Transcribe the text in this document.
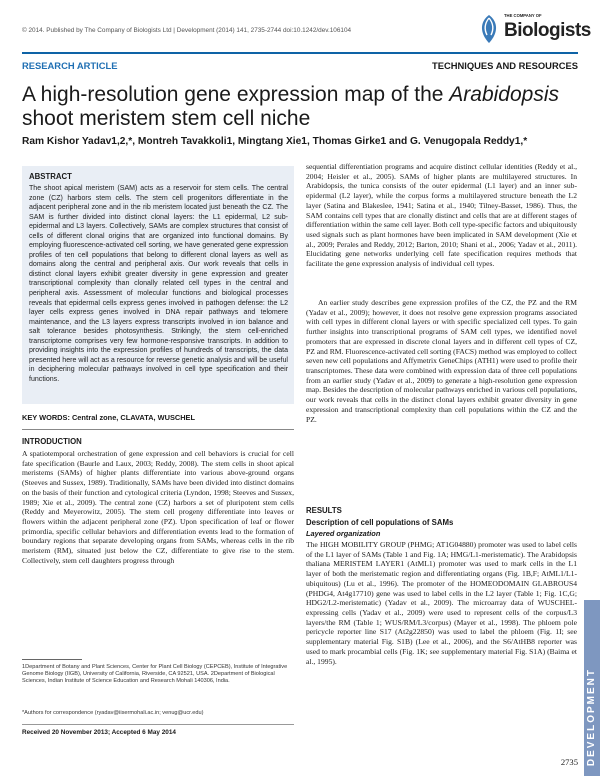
© 2014. Published by The Company of Biologists Ltd | Development (2014) 141, 2735-2744 doi:10.1242/dev.106104
THE COMPANY OF
Biologists
RESEARCH ARTICLE	TECHNIQUES AND RESOURCES
A high-resolution gene expression map of the Arabidopsis shoot meristem stem cell niche
Ram Kishor Yadav1,2,*, Montreh Tavakkoli1, Mingtang Xie1, Thomas Girke1 and G. Venugopala Reddy1,*
ABSTRACT
The shoot apical meristem (SAM) acts as a reservoir for stem cells. The central zone (CZ) harbors stem cells. The stem cell progenitors differentiate in the adjacent peripheral zone and in the rib meristem located just beneath the CZ. The SAM is further divided into distinct clonal layers: the L1 epidermal, L2 sub-epidermal and L3 layers. Collectively, SAMs are complex structures that consist of cells of different clonal origins that are organized into functional domains. By employing fluorescence-activated cell sorting, we have generated gene expression profiles of ten cell populations that belong to different clonal layers as well as domains along the central and peripheral axis. Our work reveals that cells in distinct clonal layers exhibit greater diversity in gene expression and greater transcriptional complexity than clonally related cell types in the central and peripheral axis. Assessment of molecular functions and biological processes reveals that epidermal cells express genes involved in pathogen defense: the L2 layer cells express genes involved in DNA repair pathways and telomere maintenance, and the L3 layers express transcripts involved in ion balance and salt tolerance besides photosynthesis. Strikingly, the stem cell-enriched transcriptome comprises very few hormone-responsive transcripts. In addition to providing insights into the expression profiles of hundreds of transcripts, the data presented here will act as a resource for reverse genetic analysis and will be useful in deciphering molecular pathways involved in cell type specification and their functions.
KEY WORDS: Central zone, CLAVATA, WUSCHEL
INTRODUCTION
A spatiotemporal orchestration of gene expression and cell behaviors is crucial for cell fate specification (Baurle and Laux, 2003; Reddy, 2008). The stem cells in shoot apical meristems (SAMs) of higher plants differentiate into various above-ground organs (Steeves and Sussex, 1989). Traditionally, SAMs have been divided into distinct domains on the basis of their function and cytological criteria (Lyndon, 1998; Steeves and Sussex, 1989; Xie et al., 2009). The central zone (CZ) harbors a set of pluripotent stem cells (Reddy and Meyerowitz, 2005). The stem cell progeny differentiate into leaves or flowers within the adjacent peripheral zone (PZ). Upon specification of leaf or flower primordia, specific cellular behaviors and differentiation events lead to the formation of boundary regions that separate developing organs from SAMs, whereas cells in the rib meristem (RM), situated just below the CZ, differentiate to give rise to the stem. Collectively, stem cell daughters progress through
1Department of Botany and Plant Sciences, Center for Plant Cell Biology (CEPCEB), Institute of Integrative Genome Biology (IIGB), University of California, Riverside, CA 92521, USA. 2Department of Biological Sciences, Indian Institute of Science Education and Research Mohali 140306, India.
*Authors for correspondence (ryadav@iisermohali.ac.in; venug@ucr.edu)
Received 20 November 2013; Accepted 6 May 2014
sequential differentiation programs and acquire distinct cellular identities (Reddy et al., 2004; Heisler et al., 2005). SAMs of higher plants are multilayered structures. In Arabidopsis, the tunica consists of the outer epidermal (L1 layer) and an inner sub-epidermal (L2 layer), while the corpus forms a multilayered structure beneath the L2 layer (Satina and Blakeslee, 1941; Satina et al., 1940; Tilney-Basset, 1986). Thus, the SAM contains cell types that are clonally distinct and cells that are at different stages of differentiation within the same cell layer. Both cell type-specific factors and ubiquitously used signals such as plant hormones have been implicated in SAM development (Xie et al., 2009; Perales and Reddy, 2012; Barton, 2010; Shani et al., 2006; Yadav et al., 2011). Elucidating gene networks underlying cell fate specification requires methods that facilitate the gene expression analysis of individual cell types.
An earlier study describes gene expression profiles of the CZ, the PZ and the RM (Yadav et al., 2009); however, it does not resolve gene expression programs associated with cell types in different clonal layers or with specific specialized cell types. To gain further insights into transcriptional programs of SAM cell types, we identified novel promoters that are expressed in discrete clonal layers and in different cell types of CZ, PZ and RM. Fluorescence-activated cell sorting (FACS) method was employed to collect seven new cell populations and Affymetrix GeneChips (ATH1) were used to profile their transcriptomes. These data were combined with expression data of three cell populations from an earlier study (Yadav et al., 2009) to generate a high-resolution gene expression map. Besides the description of molecular pathways enriched in various cell populations, our work reveals that cells in the distinct clonal layers exhibit greater diversity in gene expression and transcriptional complexity than cell populations within the CZ and the PZ.
RESULTS
Description of cell populations of SAMs
Layered organization
The HIGH MOBILITY GROUP (PHMG; AT1G04880) promoter was used to label cells of the L1 layer of SAMs (Table 1 and Fig. 1A; HMG/L1-meristematic). The Arabidopsis thaliana MERISTEM LAYER1 (AtML1) promoter was used to mark cells in the L1 layer of both the meristematic region and differentiating organs (Fig. 1B,F; AtML1/L1-ubiquitous) (Lu et al., 1996). The promoter of the HOMEODOMAIN GLABROUS4 (PHDG4, At4g17710) gene was used to label cells in the L2 layer (Table 1; Fig. 1C,G; HDG2/L2-meristematic) (Yadav et al., 2009). The microarray data of WUSCHEL-expressing cells (Yadav et al., 2009) were used to represent cells of the corpus/L3 layers/the RM (Table 1; WUS/RM/L3/corpus) (Mayer et al., 1998). The phloem pole pericycle reporter line S17 (At2g22850) was used to label the phloem (Fig. 1I; see supplementary material Fig. S1B) (Lee et al., 2006), and the S6/AtHB8 reporter was used to mark procambial cells (Fig. 1K; see supplementary material Fig. S1A) (Baima et al., 1995).
DEVELOPMENT
2735
